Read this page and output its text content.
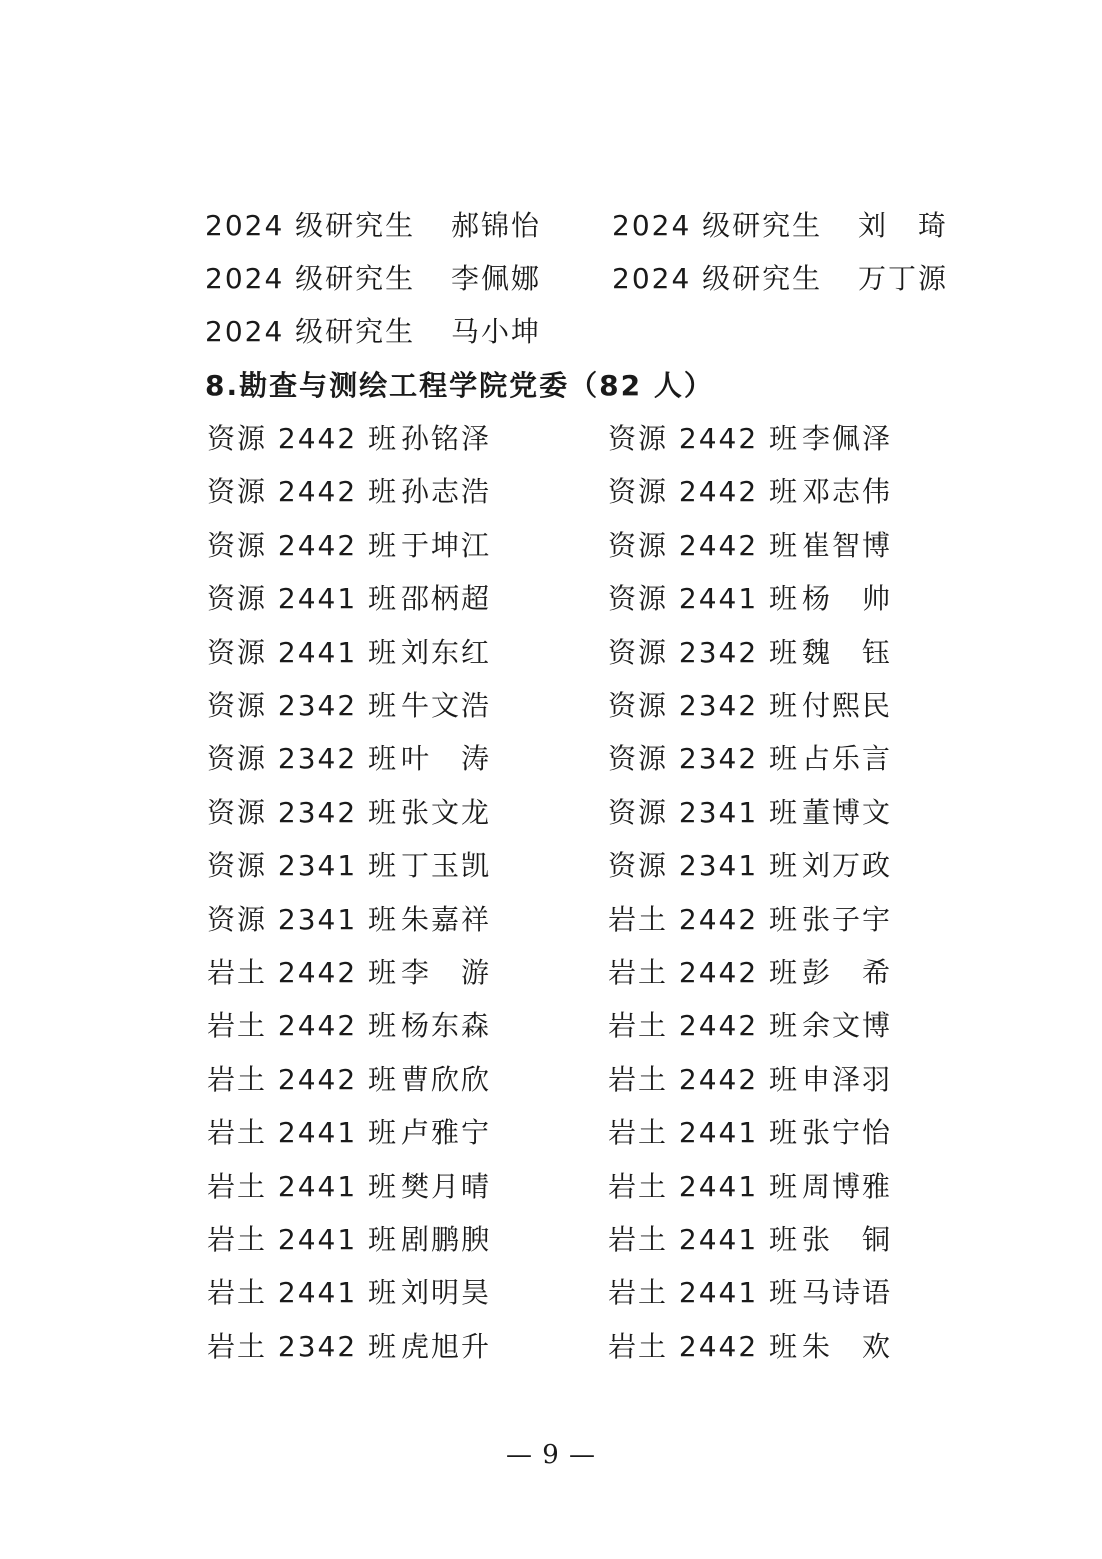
2024 级研究生 郝锦怡	2024 级研究生 刘　琦
2024 级研究生 李佩娜	2024 级研究生 万丁源
2024 级研究生 马小坤
8.勘查与测绘工程学院党委（82 人）
资源 2442 班 孙铭泽	资源 2442 班 李佩泽
资源 2442 班 孙志浩	资源 2442 班 邓志伟
资源 2442 班 于坤江	资源 2442 班 崔智博
资源 2441 班 邵柄超	资源 2441 班 杨　帅
资源 2441 班 刘东红	资源 2342 班 魏　钰
资源 2342 班 牛文浩	资源 2342 班 付熙民
资源 2342 班 叶　涛	资源 2342 班 占乐言
资源 2342 班 张文龙	资源 2341 班 董博文
资源 2341 班 丁玉凯	资源 2341 班 刘万政
资源 2341 班 朱嘉祥	岩土 2442 班 张子宇
岩土 2442 班 李　游	岩土 2442 班 彭　希
岩土 2442 班 杨东森	岩土 2442 班 余文博
岩土 2442 班 曹欣欣	岩土 2442 班 申泽羽
岩土 2441 班 卢雅宁	岩土 2441 班 张宁怡
岩土 2441 班 樊月晴	岩土 2441 班 周博雅
岩土 2441 班 剧鹏腴	岩土 2441 班 张　铜
岩土 2441 班 刘明昊	岩土 2441 班 马诗语
岩土 2342 班 虎旭升	岩土 2442 班 朱　欢
— 9 —
